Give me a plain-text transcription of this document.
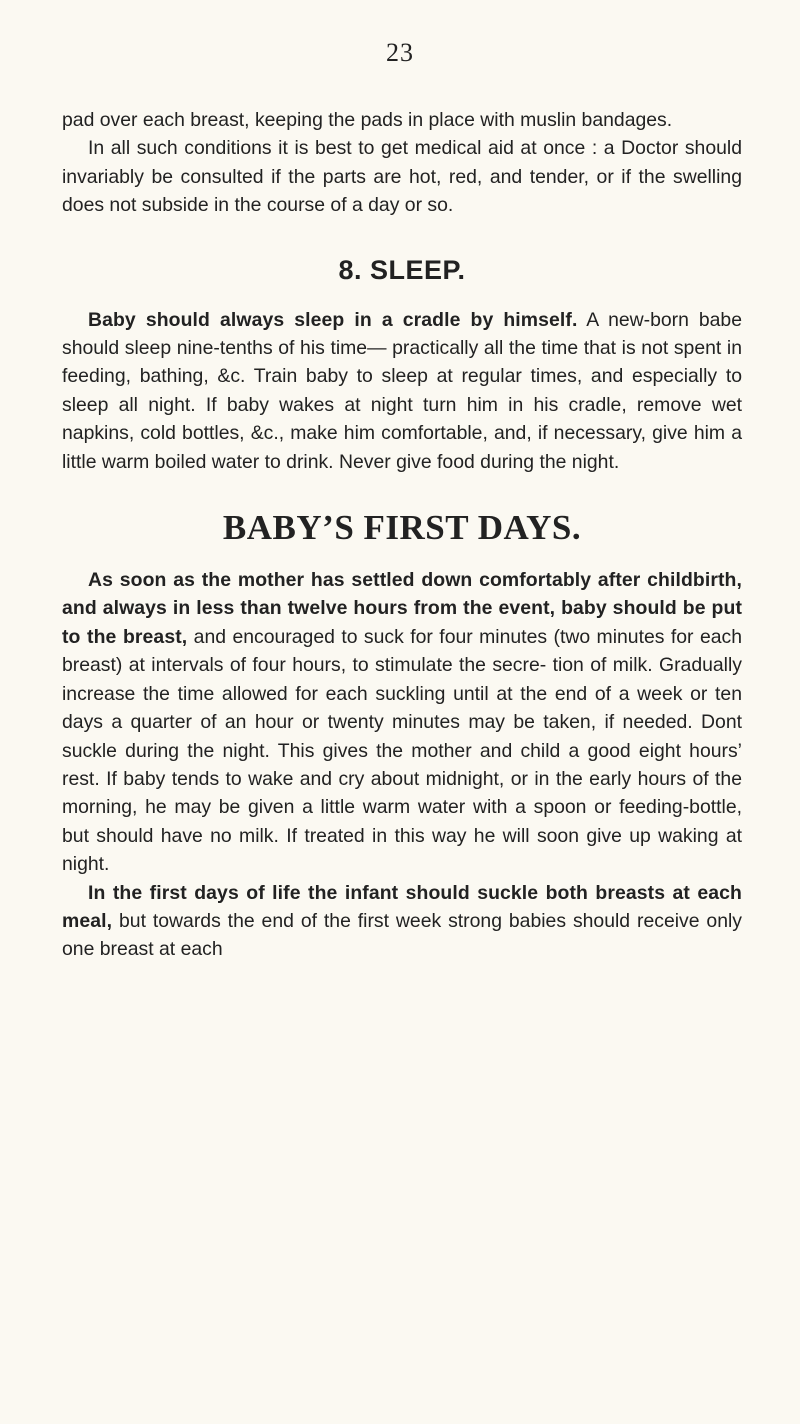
23

pad over each breast, keeping the pads in place with muslin bandages.

In all such conditions it is best to get medical aid at once : a Doctor should invariably be consulted if the parts are hot, red, and tender, or if the swelling does not subside in the course of a day or so.

8. SLEEP.

Baby should always sleep in a cradle by himself. A new-born babe should sleep nine-tenths of his time— practically all the time that is not spent in feeding, bathing, &c. Train baby to sleep at regular times, and especially to sleep all night. If baby wakes at night turn him in his cradle, remove wet napkins, cold bottles, &c., make him comfortable, and, if necessary, give him a little warm boiled water to drink. Never give food during the night.

BABY’S FIRST DAYS.

As soon as the mother has settled down comfortably after childbirth, and always in less than twelve hours from the event, baby should be put to the breast, and encouraged to suck for four minutes (two minutes for each breast) at intervals of four hours, to stimulate the secre- tion of milk. Gradually increase the time allowed for each suckling until at the end of a week or ten days a quarter of an hour or twenty minutes may be taken, if needed. Dont suckle during the night. This gives the mother and child a good eight hours’ rest. If baby tends to wake and cry about midnight, or in the early hours of the morning, he may be given a little warm water with a spoon or feeding-bottle, but should have no milk. If treated in this way he will soon give up waking at night.

In the first days of life the infant should suckle both breasts at each meal, but towards the end of the first week strong babies should receive only one breast at each
